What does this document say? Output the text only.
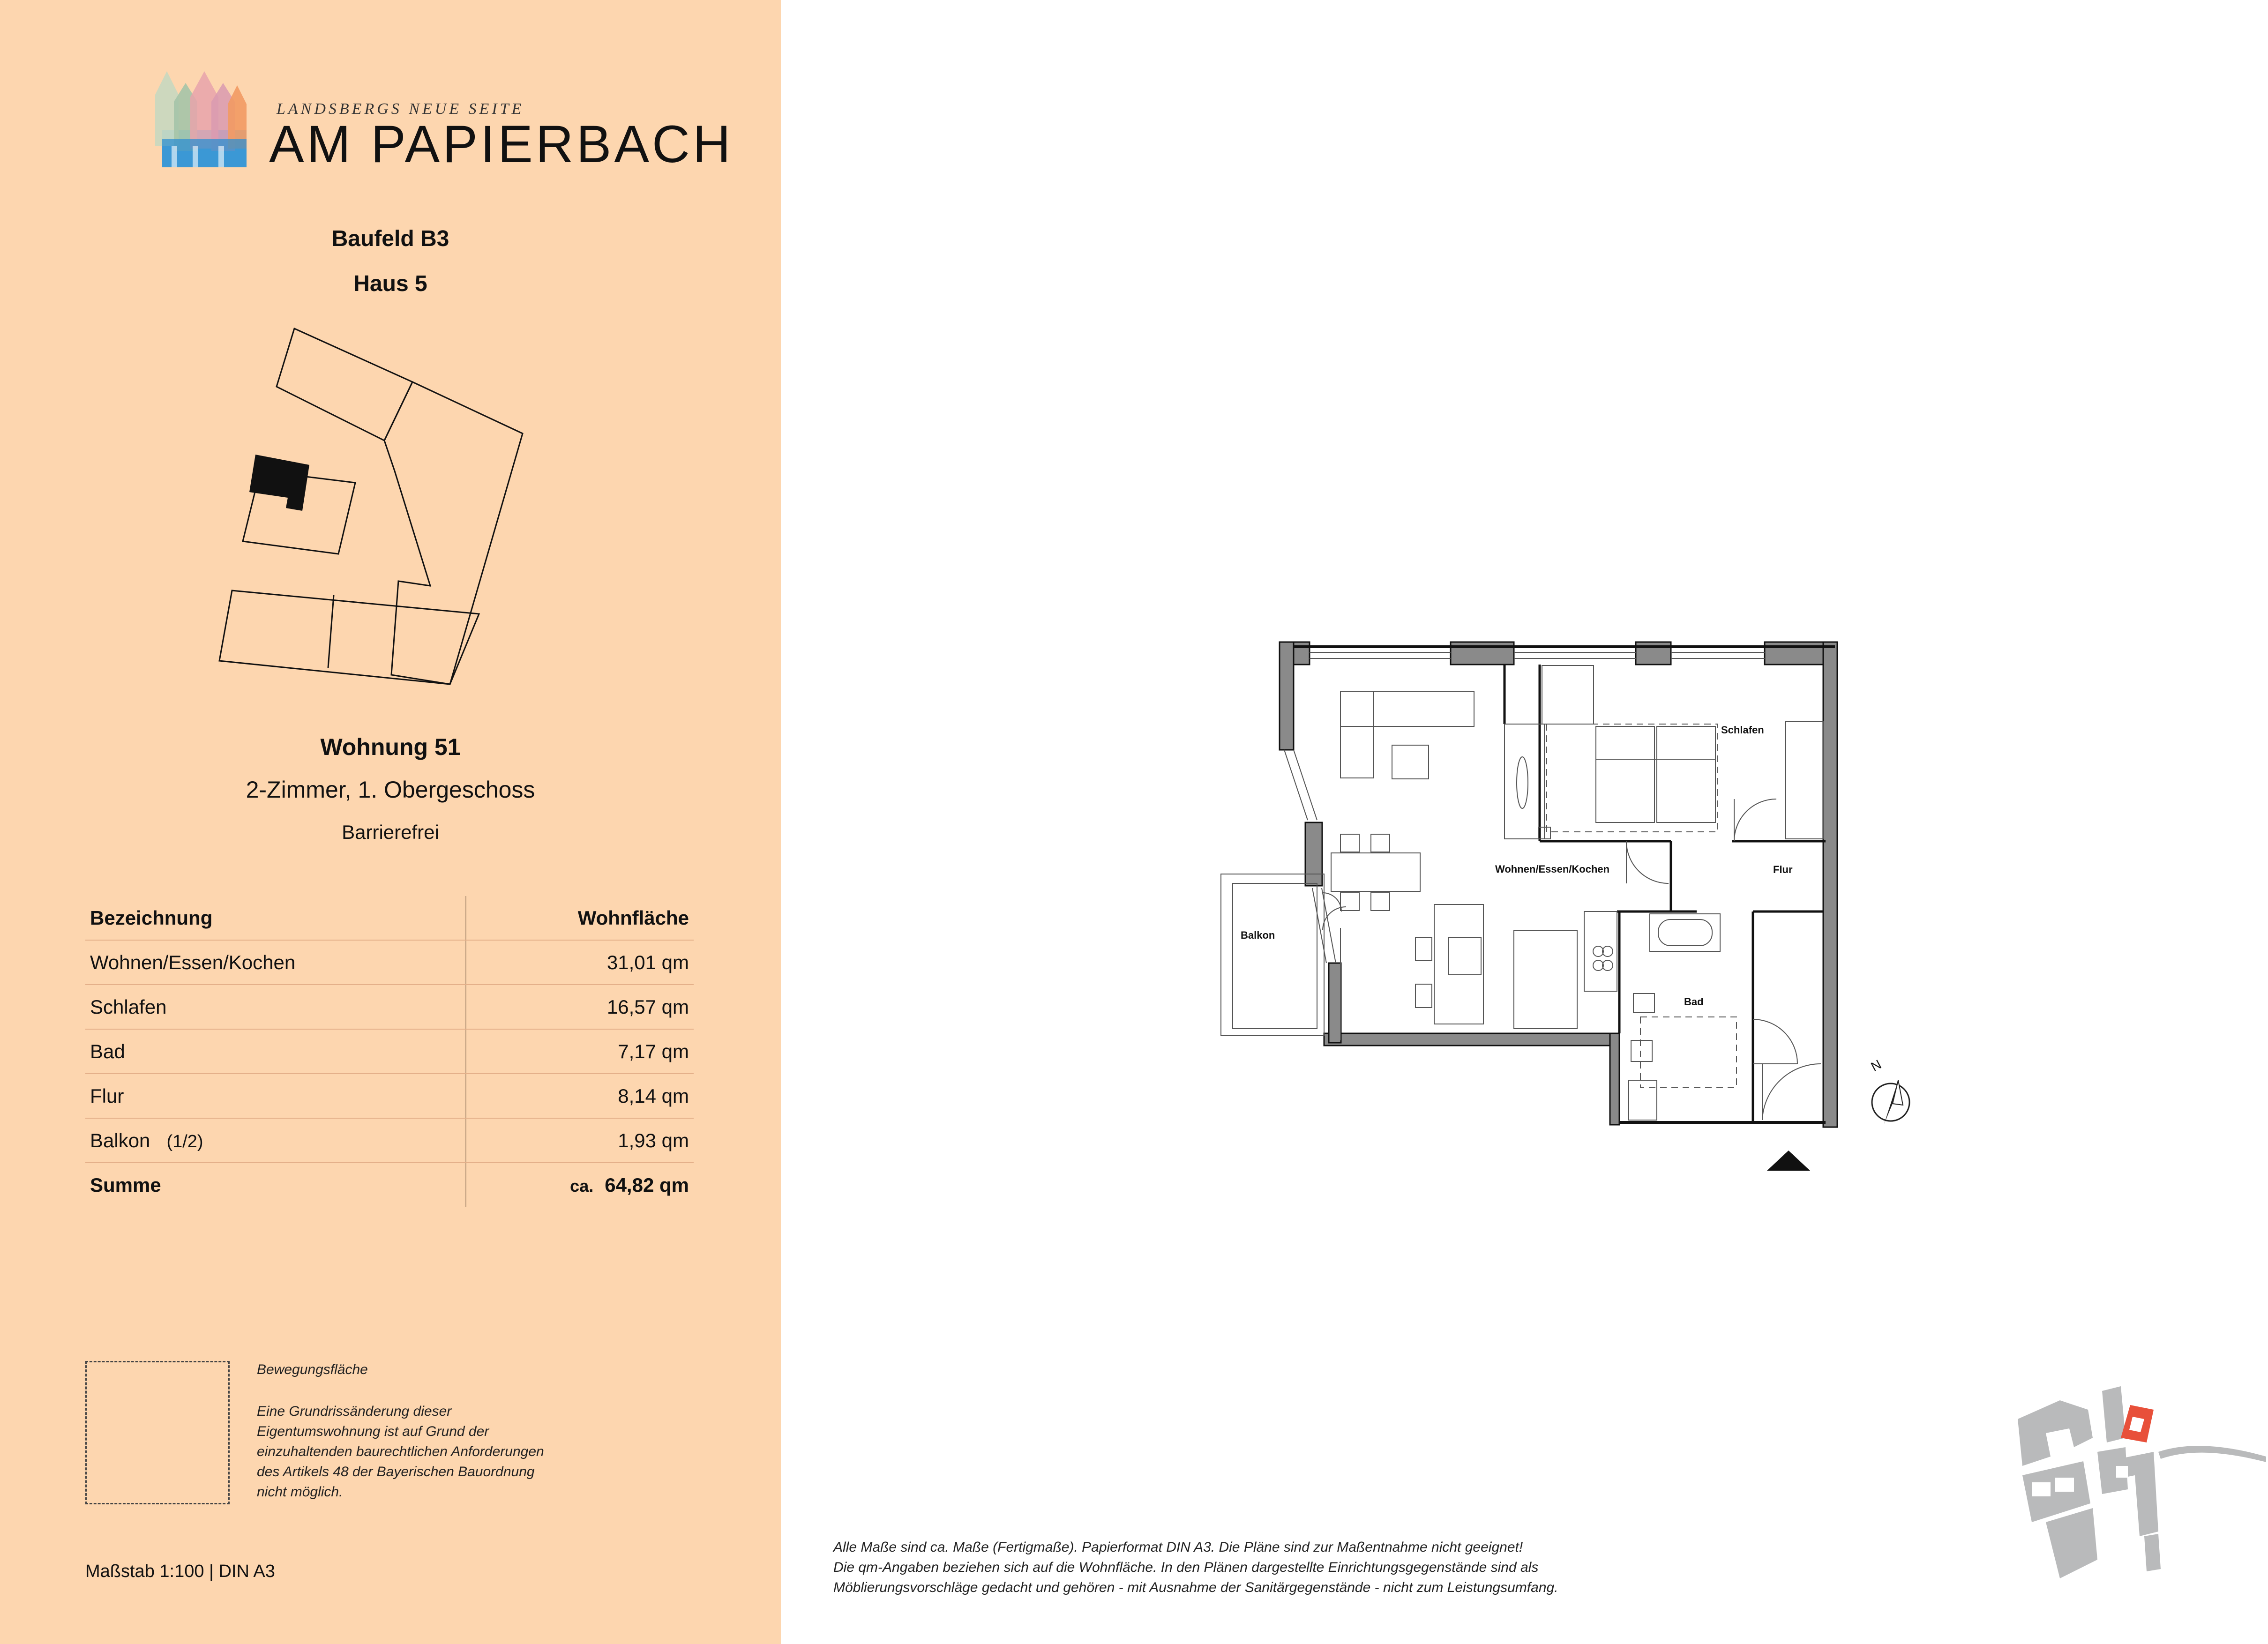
LANDSBERGS NEUE SEITE
AM PAPIERBACH
Baufeld B3
Haus 5
Wohnung 51
2-Zimmer, 1. Obergeschoss
Barrierefrei
Bezeichnung	Wohnfläche
Wohnen/Essen/Kochen	31,01 qm
Schlafen	16,57 qm
Bad	7,17 qm
Flur	8,14 qm
Balkon (1/2)	1,93 qm
Summe	ca. 64,82 qm
Bewegungsfläche
Eine Grundrissänderung dieser Eigentumswohnung ist auf Grund der einzuhaltenden baurechtlichen Anforderungen des Artikels 48 der Bayerischen Bauordnung nicht möglich.
Maßstab 1:100 | DIN A3
Wohnen/Essen/Kochen
Schlafen
Flur
Bad
Balkon
N
Alle Maße sind ca. Maße (Fertigmaße). Papierformat DIN A3. Die Pläne sind zur Maßentnahme nicht geeignet!
Die qm-Angaben beziehen sich auf die Wohnfläche. In den Plänen dargestellte Einrichtungsgegenstände sind als
Möblierungsvorschläge gedacht und gehören - mit Ausnahme der Sanitärgegenstände - nicht zum Leistungsumfang.
